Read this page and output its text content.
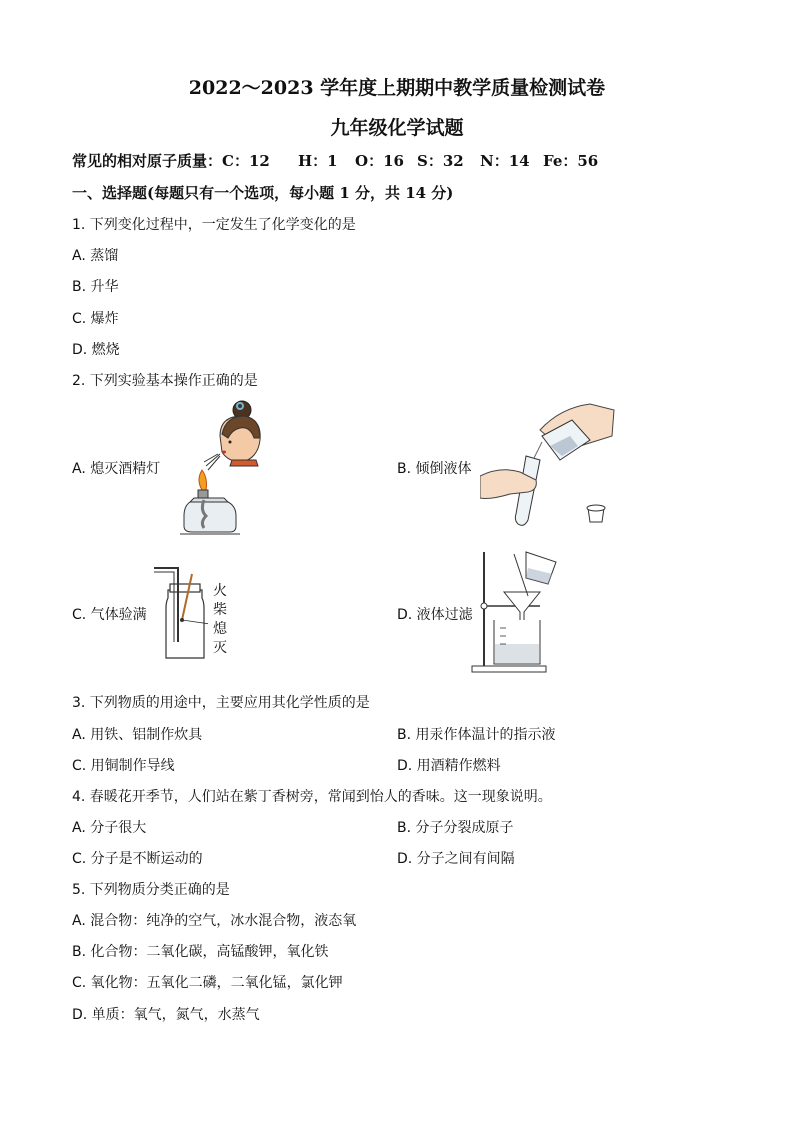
2022～2023 学年度上期期中教学质量检测试卷
九年级化学试题
常见的相对原子质量：C：12 H：1 O：16 S：32 N：14 Fe：56
一、选择题(每题只有一个选项，每小题 1 分，共 14 分)
1. 下列变化过程中，一定发生了化学变化的是
A. 蒸馏
B. 升华
C. 爆炸
D. 燃烧
2. 下列实验基本操作正确的是
A. 熄灭酒精灯	B. 倾倒液体
C. 气体验满	D. 液体过滤
火
柴
熄
灭
3. 下列物质的用途中，主要应用其化学性质的是
A. 用铁、铝制作炊具	B. 用汞作体温计的指示液
C. 用铜制作导线	D. 用酒精作燃料
4. 春暖花开季节，人们站在紫丁香树旁，常闻到怡人的香味。这一现象说明。
A. 分子很大	B. 分子分裂成原子
C. 分子是不断运动的	D. 分子之间有间隔
5. 下列物质分类正确的是
A. 混合物：纯净的空气，冰水混合物，液态氧
B. 化合物：二氧化碳，高锰酸钾，氧化铁
C. 氧化物：五氧化二磷，二氧化锰，氯化钾
D. 单质：氧气，氮气，水蒸气
